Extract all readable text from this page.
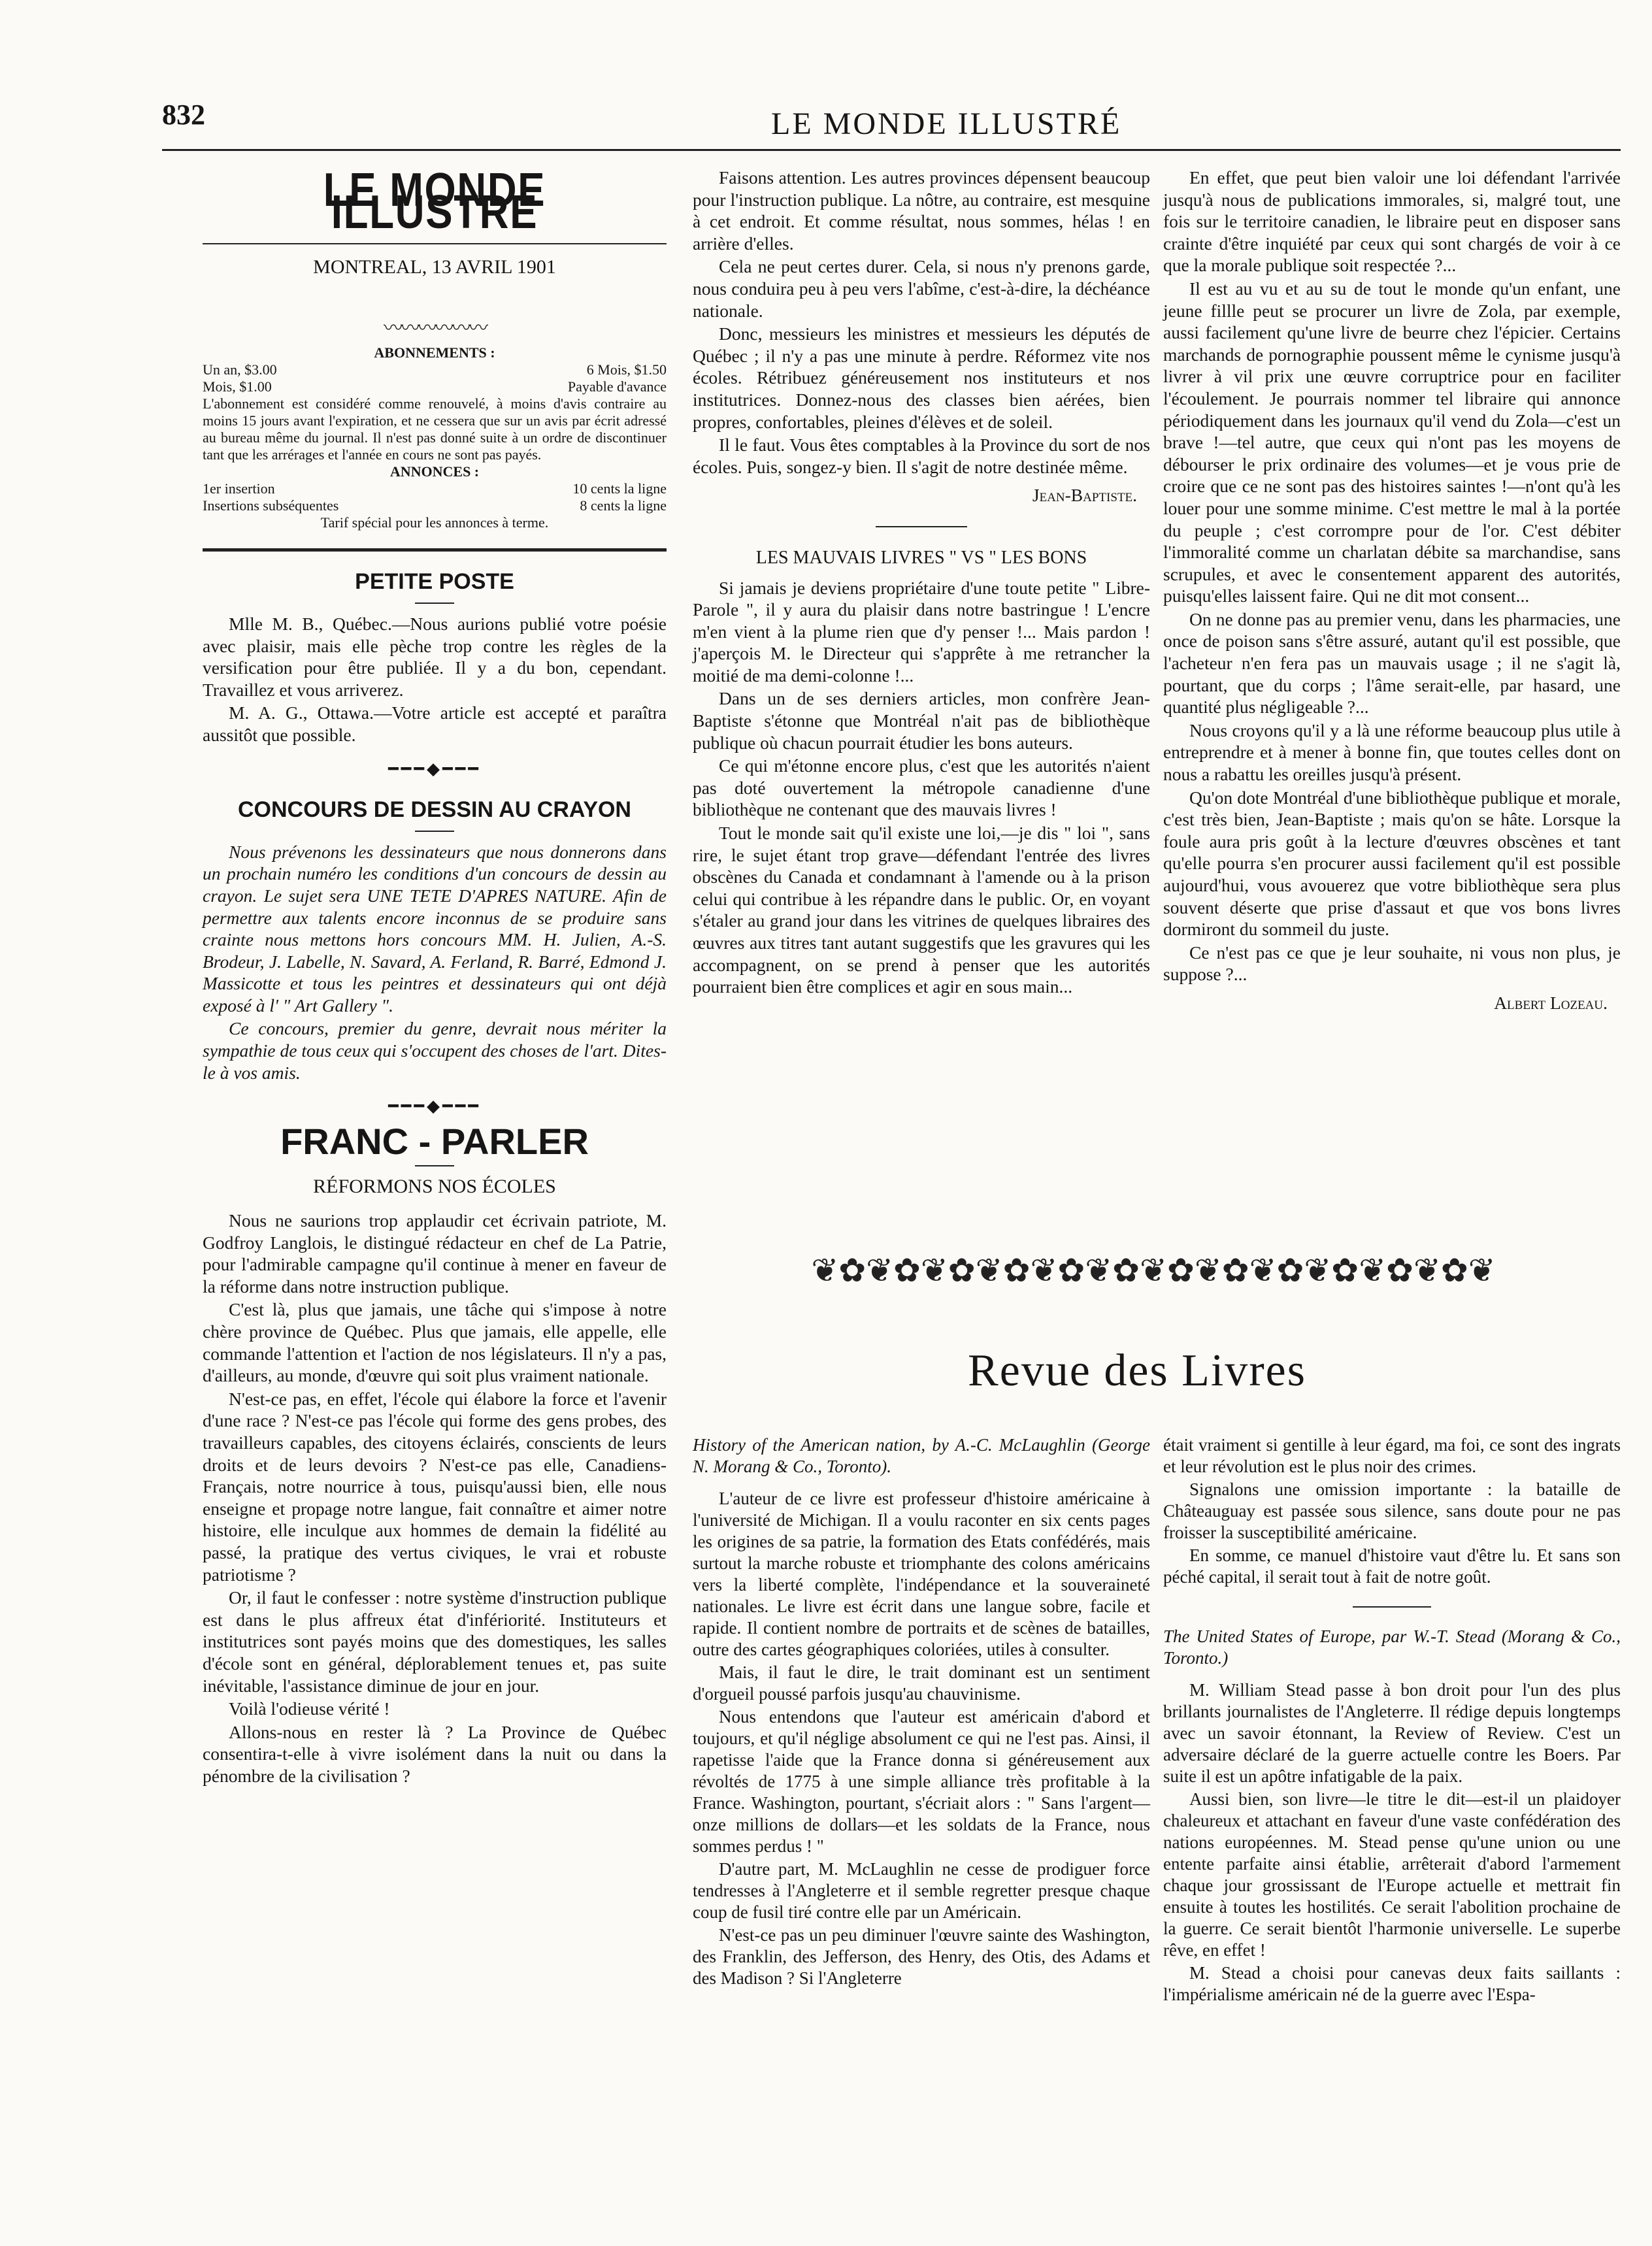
832	LE MONDE ILLUSTRÉ
LE MONDE ILLUSTRE
MONTREAL, 13 AVRIL 1901
〰〰〰〰〰〰
ABONNEMENTS :
Un an, $3.00	6 Mois, $1.50
Mois, $1.00	Payable d'avance
L'abonnement est considéré comme renouvelé, à moins d'avis contraire au moins 15 jours avant l'expiration, et ne cessera que sur un avis par écrit adressé au bureau même du journal. Il n'est pas donné suite à un ordre de discontinuer tant que les arrérages et l'année en cours ne sont pas payés.
ANNONCES :
1er insertion	10 cents la ligne
Insertions subséquentes	8 cents la ligne
Tarif spécial pour les annonces à terme.
PETITE POSTE

Mlle M. B., Québec.—Nous aurions publié votre poésie avec plaisir, mais elle pèche trop contre les règles de la versification pour être publiée. Il y a du bon, cependant. Travaillez et vous arriverez.

M. A. G., Ottawa.—Votre article est accepté et paraîtra aussitôt que possible.

━━━◆━━━
CONCOURS DE DESSIN AU CRAYON

Nous prévenons les dessinateurs que nous donnerons dans un prochain numéro les conditions d'un concours de dessin au crayon. Le sujet sera UNE TETE D'APRES NATURE. Afin de permettre aux talents encore inconnus de se produire sans crainte nous mettons hors concours MM. H. Julien, A.-S. Brodeur, J. Labelle, N. Savard, A. Ferland, R. Barré, Edmond J. Massicotte et tous les peintres et dessinateurs qui ont déjà exposé à l' " Art Gallery ".

Ce concours, premier du genre, devrait nous mériter la sympathie de tous ceux qui s'occupent des choses de l'art. Dites-le à vos amis.

━━━◆━━━
FRANC - PARLER
RÉFORMONS NOS ÉCOLES

Nous ne saurions trop applaudir cet écrivain patriote, M. Godfroy Langlois, le distingué rédacteur en chef de La Patrie, pour l'admirable campagne qu'il continue à mener en faveur de la réforme dans notre instruction publique.

C'est là, plus que jamais, une tâche qui s'impose à notre chère province de Québec. Plus que jamais, elle appelle, elle commande l'attention et l'action de nos législateurs. Il n'y a pas, d'ailleurs, au monde, d'œuvre qui soit plus vraiment nationale.

N'est-ce pas, en effet, l'école qui élabore la force et l'avenir d'une race ? N'est-ce pas l'école qui forme des gens probes, des travailleurs capables, des citoyens éclairés, conscients de leurs droits et de leurs devoirs ? N'est-ce pas elle, Canadiens-Français, notre nourrice à tous, puisqu'aussi bien, elle nous enseigne et propage notre langue, fait connaître et aimer notre histoire, elle inculque aux hommes de demain la fidélité au passé, la pratique des vertus civiques, le vrai et robuste patriotisme ?

Or, il faut le confesser : notre système d'instruction publique est dans le plus affreux état d'infériorité. Instituteurs et institutrices sont payés moins que des domestiques, les salles d'école sont en général, déplorablement tenues et, pas suite inévitable, l'assistance diminue de jour en jour.

Voilà l'odieuse vérité !

Allons-nous en rester là ? La Province de Québec consentira-t-elle à vivre isolément dans la nuit ou dans la pénombre de la civilisation ?

Faisons attention. Les autres provinces dépensent beaucoup pour l'instruction publique. La nôtre, au contraire, est mesquine à cet endroit. Et comme résultat, nous sommes, hélas ! en arrière d'elles.

Cela ne peut certes durer. Cela, si nous n'y prenons garde, nous conduira peu à peu vers l'abîme, c'est-à-dire, la déchéance nationale.

Donc, messieurs les ministres et messieurs les députés de Québec ; il n'y a pas une minute à perdre. Réformez vite nos écoles. Rétribuez généreusement nos instituteurs et nos institutrices. Donnez-nous des classes bien aérées, bien propres, confortables, pleines d'élèves et de soleil.

Il le faut. Vous êtes comptables à la Province du sort de nos écoles. Puis, songez-y bien. Il s'agit de notre destinée même.

Jean-Baptiste.
LES MAUVAIS LIVRES " VS " LES BONS

Si jamais je deviens propriétaire d'une toute petite " Libre-Parole ", il y aura du plaisir dans notre bastringue ! L'encre m'en vient à la plume rien que d'y penser !... Mais pardon ! j'aperçois M. le Directeur qui s'apprête à me retrancher la moitié de ma demi-colonne !...

Dans un de ses derniers articles, mon confrère Jean-Baptiste s'étonne que Montréal n'ait pas de bibliothèque publique où chacun pourrait étudier les bons auteurs.

Ce qui m'étonne encore plus, c'est que les autorités n'aient pas doté ouvertement la métropole canadienne d'une bibliothèque ne contenant que des mauvais livres !

Tout le monde sait qu'il existe une loi,—je dis " loi ", sans rire, le sujet étant trop grave—défendant l'entrée des livres obscènes du Canada et condamnant à l'amende ou à la prison celui qui contribue à les répandre dans le public. Or, en voyant s'étaler au grand jour dans les vitrines de quelques libraires des œuvres aux titres tant autant suggestifs que les gravures qui les accompagnent, on se prend à penser que les autorités pourraient bien être complices et agir en sous main...

En effet, que peut bien valoir une loi défendant l'arrivée jusqu'à nous de publications immorales, si, malgré tout, une fois sur le territoire canadien, le libraire peut en disposer sans crainte d'être inquiété par ceux qui sont chargés de voir à ce que la morale publique soit respectée ?...

Il est au vu et au su de tout le monde qu'un enfant, une jeune fillle peut se procurer un livre de Zola, par exemple, aussi facilement qu'une livre de beurre chez l'épicier. Certains marchands de pornographie poussent même le cynisme jusqu'à livrer à vil prix une œuvre corruptrice pour en faciliter l'écoulement. Je pourrais nommer tel libraire qui annonce périodiquement dans les journaux qu'il vend du Zola—c'est un brave !—tel autre, que ceux qui n'ont pas les moyens de débourser le prix ordinaire des volumes—et je vous prie de croire que ce ne sont pas des histoires saintes !—n'ont qu'à les louer pour une somme minime. C'est mettre le mal à la portée du peuple ; c'est corrompre pour de l'or. C'est débiter l'immoralité comme un charlatan débite sa marchandise, sans scrupules, et avec le consentement apparent des autorités, puisqu'elles laissent faire. Qui ne dit mot consent...

On ne donne pas au premier venu, dans les pharmacies, une once de poison sans s'être assuré, autant qu'il est possible, que l'acheteur n'en fera pas un mauvais usage ; il ne s'agit là, pourtant, que du corps ; l'âme serait-elle, par hasard, une quantité plus négligeable ?...

Nous croyons qu'il y a là une réforme beaucoup plus utile à entreprendre et à mener à bonne fin, que toutes celles dont on nous a rabattu les oreilles jusqu'à présent.

Qu'on dote Montréal d'une bibliothèque publique et morale, c'est très bien, Jean-Baptiste ; mais qu'on se hâte. Lorsque la foule aura pris goût à la lecture d'œuvres obscènes et tant qu'elle pourra s'en procurer aussi facilement qu'il est possible aujourd'hui, vous avouerez que votre bibliothèque sera plus souvent déserte que prise d'assaut et que vos bons livres dormiront du sommeil du juste.

Ce n'est pas ce que je leur souhaite, ni vous non plus, je suppose ?...

Albert Lozeau.
❦✿❦✿❦✿❦✿❦✿❦✿❦✿❦✿❦✿❦✿❦✿❦✿❦
Revue des Livres

History of the American nation, by A.-C. McLaughlin (George N. Morang & Co., Toronto).

L'auteur de ce livre est professeur d'histoire américaine à l'université de Michigan. Il a voulu raconter en six cents pages les origines de sa patrie, la formation des Etats confédérés, mais surtout la marche robuste et triomphante des colons américains vers la liberté complète, l'indépendance et la souveraineté nationales. Le livre est écrit dans une langue sobre, facile et rapide. Il contient nombre de portraits et de scènes de batailles, outre des cartes géographiques coloriées, utiles à consulter.

Mais, il faut le dire, le trait dominant est un sentiment d'orgueil poussé parfois jusqu'au chauvinisme.

Nous entendons que l'auteur est américain d'abord et toujours, et qu'il néglige absolument ce qui ne l'est pas. Ainsi, il rapetisse l'aide que la France donna si généreusement aux révoltés de 1775 à une simple alliance très profitable à la France. Washington, pourtant, s'écriait alors : " Sans l'argent—onze millions de dollars—et les soldats de la France, nous sommes perdus ! "

D'autre part, M. McLaughlin ne cesse de prodiguer force tendresses à l'Angleterre et il semble regretter presque chaque coup de fusil tiré contre elle par un Américain.

N'est-ce pas un peu diminuer l'œuvre sainte des Washington, des Franklin, des Jefferson, des Henry, des Otis, des Adams et des Madison ? Si l'Angleterre

était vraiment si gentille à leur égard, ma foi, ce sont des ingrats et leur révolution est le plus noir des crimes.

Signalons une omission importante : la bataille de Châteauguay est passée sous silence, sans doute pour ne pas froisser la susceptibilité américaine.

En somme, ce manuel d'histoire vaut d'être lu. Et sans son péché capital, il serait tout à fait de notre goût.

The United States of Europe, par W.-T. Stead (Morang & Co., Toronto.)

M. William Stead passe à bon droit pour l'un des plus brillants journalistes de l'Angleterre. Il rédige depuis longtemps avec un savoir étonnant, la Review of Review. C'est un adversaire déclaré de la guerre actuelle contre les Boers. Par suite il est un apôtre infatigable de la paix.

Aussi bien, son livre—le titre le dit—est-il un plaidoyer chaleureux et attachant en faveur d'une vaste confédération des nations européennes. M. Stead pense qu'une union ou une entente parfaite ainsi établie, arrêterait d'abord l'armement chaque jour grossissant de l'Europe actuelle et mettrait fin ensuite à toutes les hostilités. Ce serait l'abolition prochaine de la guerre. Ce serait bientôt l'harmonie universelle. Le superbe rêve, en effet !

M. Stead a choisi pour canevas deux faits saillants : l'impérialisme américain né de la guerre avec l'Espa-
